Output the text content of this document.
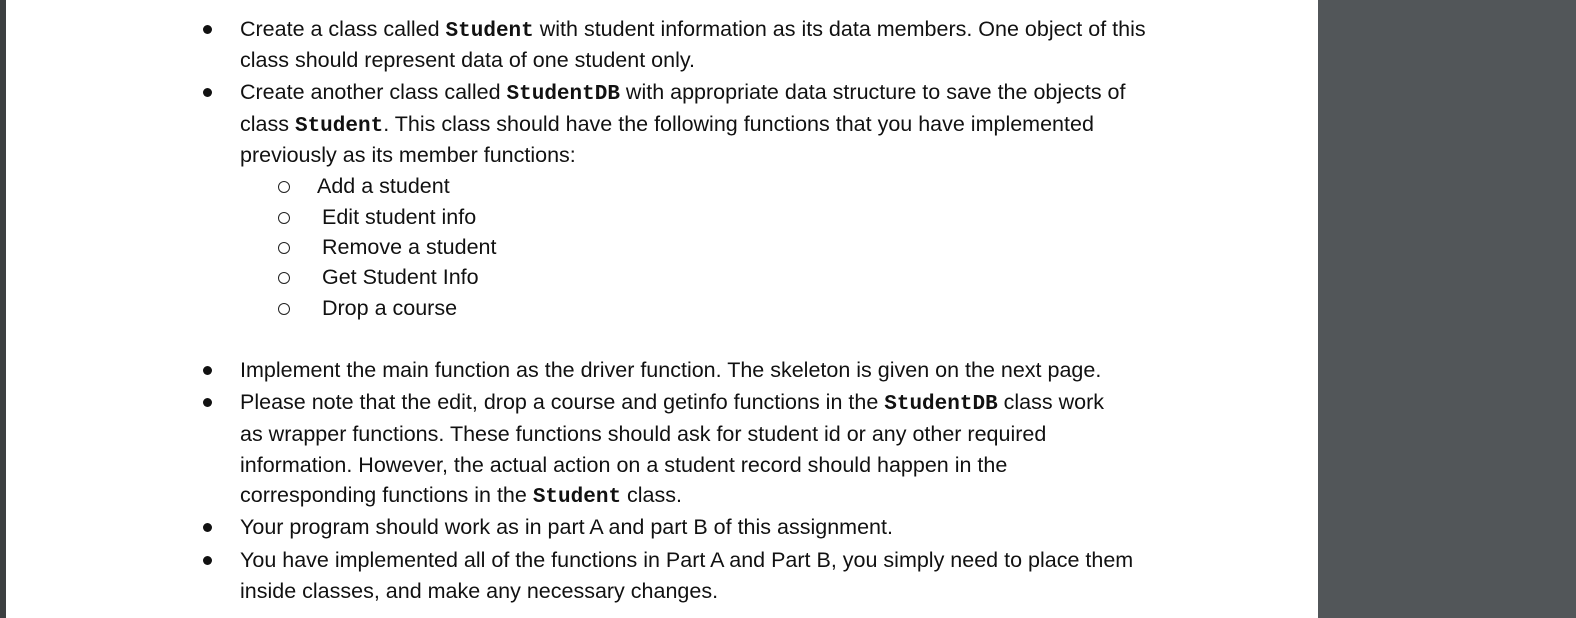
Create a class called Student with student information as its data members. One object of this
class should represent data of one student only.
Create another class called StudentDB with appropriate data structure to save the objects of
class Student. This class should have the following functions that you have implemented
previously as its member functions:
Add a student
Edit student info
Remove a student
Get Student Info
Drop a course
Implement the main function as the driver function. The skeleton is given on the next page.
Please note that the edit, drop a course and getinfo functions in the StudentDB class work
as wrapper functions. These functions should ask for student id or any other required
information. However, the actual action on a student record should happen in the
corresponding functions in the Student class.
Your program should work as in part A and part B of this assignment.
You have implemented all of the functions in Part A and Part B, you simply need to place them
inside classes, and make any necessary changes.
